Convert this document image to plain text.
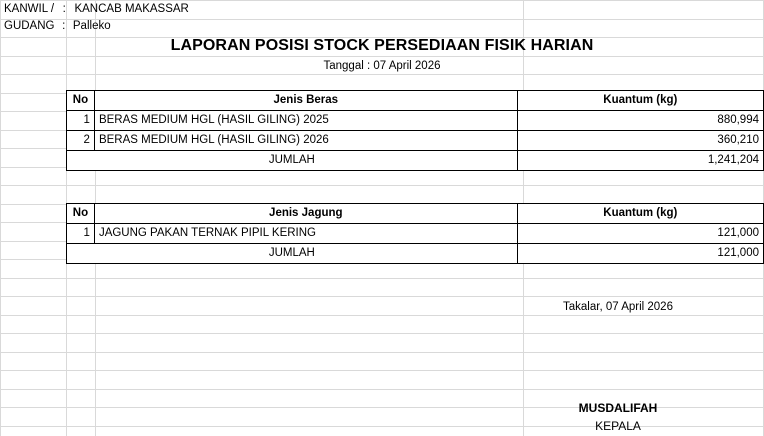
KANWIL / : KANCAB MAKASSAR
GUDANG : Palleko
LAPORAN POSISI STOCK PERSEDIAAN FISIK HARIAN
Tanggal : 07 April 2026
No	Jenis Beras	Kuantum (kg)
1	BERAS MEDIUM HGL (HASIL GILING) 2025	880,994
2	BERAS MEDIUM HGL (HASIL GILING) 2026	360,210
JUMLAH		1,241,204
No	Jenis Jagung	Kuantum (kg)
1	JAGUNG PAKAN TERNAK PIPIL KERING	121,000
JUMLAH		121,000
Takalar, 07 April 2026
MUSDALIFAH
KEPALA
